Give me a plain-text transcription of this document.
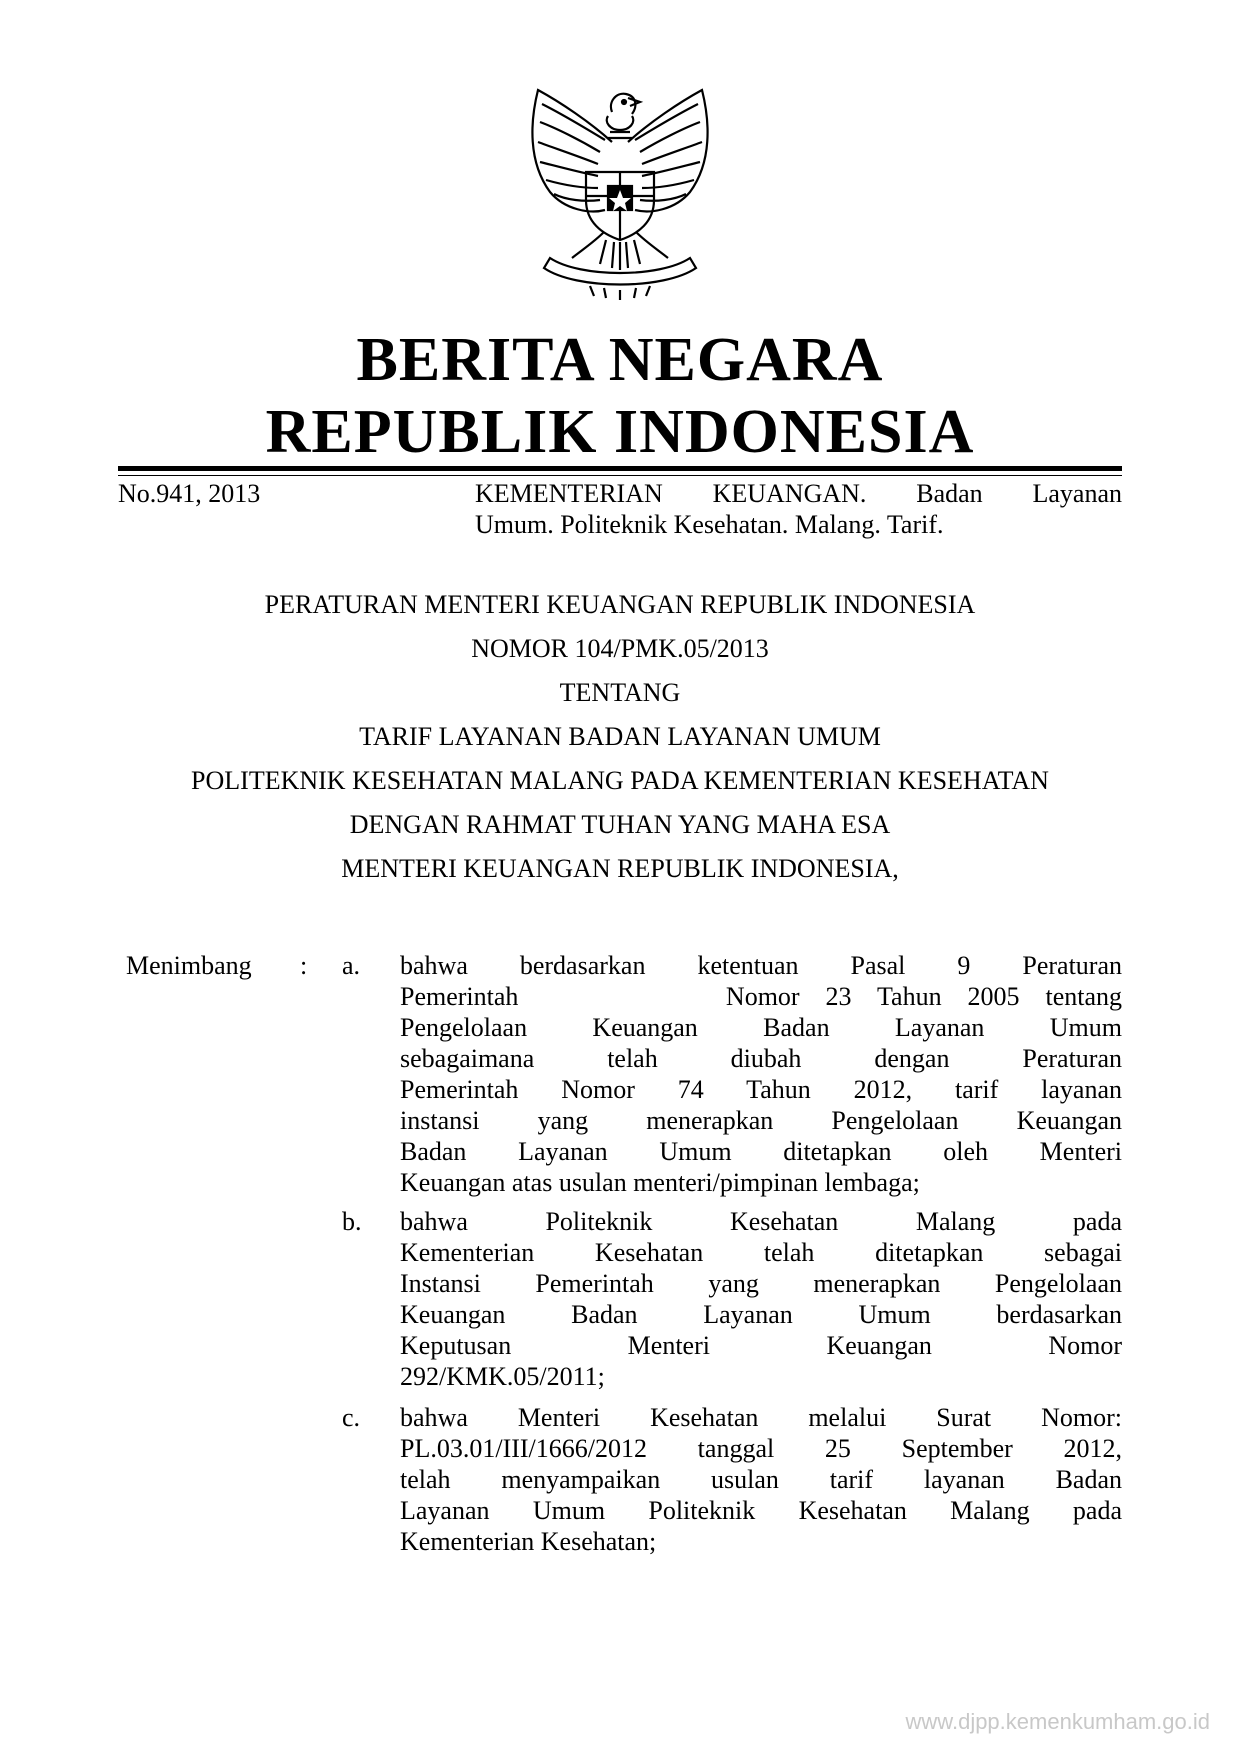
BERITA NEGARA
REPUBLIK INDONESIA
No.941, 2013	KEMENTERIAN KEUANGAN. Badan Layanan
Umum. Politeknik Kesehatan. Malang. Tarif.
PERATURAN MENTERI KEUANGAN REPUBLIK INDONESIA
NOMOR 104/PMK.05/2013
TENTANG
TARIF LAYANAN BADAN LAYANAN UMUM
POLITEKNIK KESEHATAN MALANG PADA KEMENTERIAN KESEHATAN
DENGAN RAHMAT TUHAN YANG MAHA ESA
MENTERI KEUANGAN REPUBLIK INDONESIA,
Menimbang : a. bahwa berdasarkan ketentuan Pasal 9 Peraturan
Pemerintah        Nomor 23 Tahun 2005 tentang
Pengelolaan Keuangan Badan Layanan Umum
sebagaimana telah diubah dengan Peraturan
Pemerintah Nomor 74 Tahun 2012, tarif layanan
instansi yang menerapkan Pengelolaan Keuangan
Badan Layanan Umum ditetapkan oleh Menteri
Keuangan atas usulan menteri/pimpinan lembaga;
b. bahwa Politeknik Kesehatan Malang pada
Kementerian Kesehatan telah ditetapkan sebagai
Instansi Pemerintah yang menerapkan Pengelolaan
Keuangan Badan Layanan Umum berdasarkan
Keputusan Menteri Keuangan Nomor
292/KMK.05/2011;
c. bahwa Menteri Kesehatan melalui Surat Nomor:
PL.03.01/III/1666/2012 tanggal 25 September 2012,
telah menyampaikan usulan tarif layanan Badan
Layanan Umum Politeknik Kesehatan Malang pada
Kementerian Kesehatan;
www.djpp.kemenkumham.go.id
